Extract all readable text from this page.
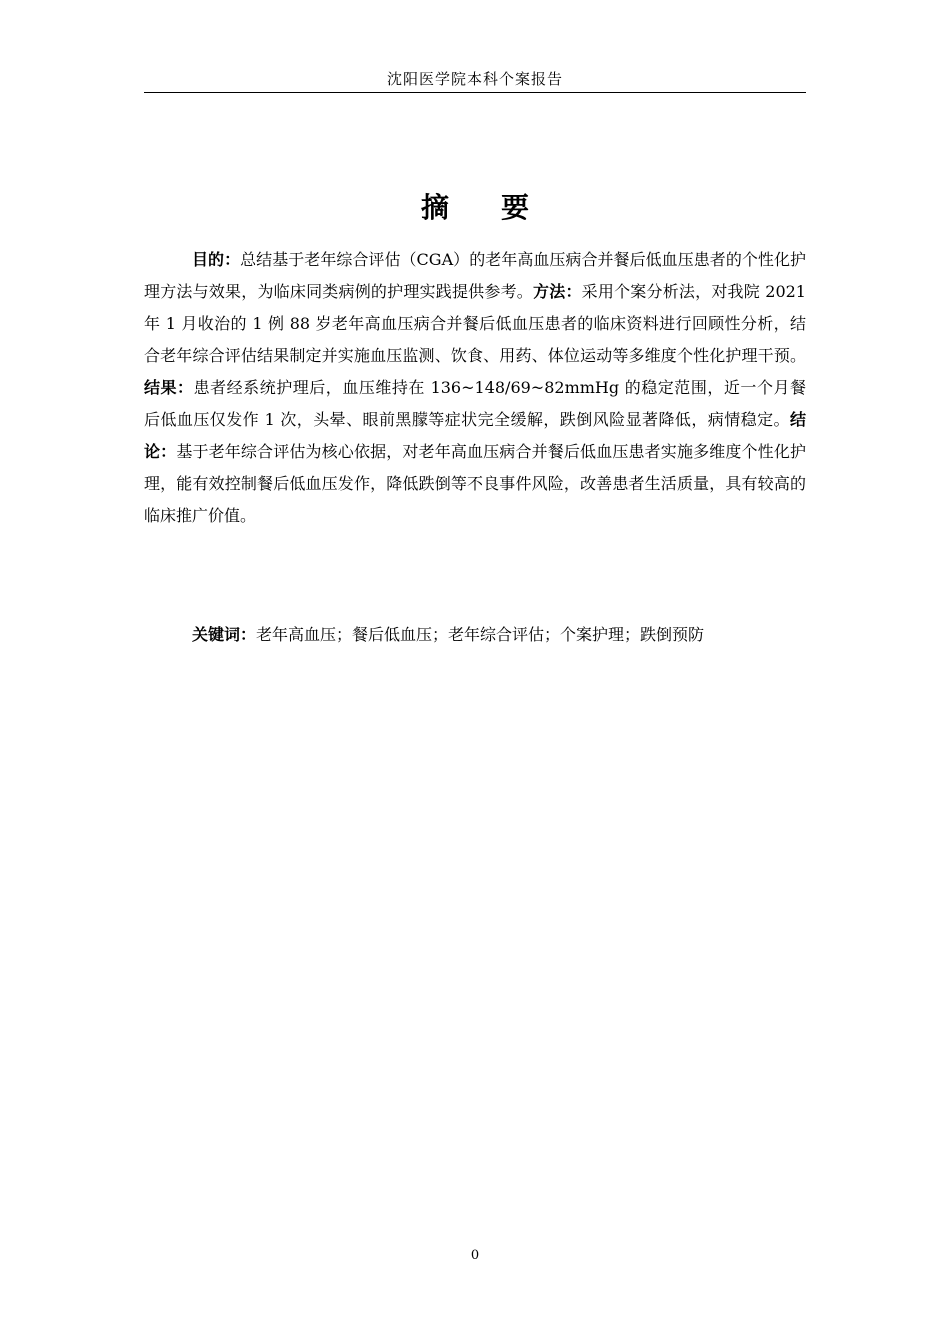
沈阳医学院本科个案报告
摘　要

目的：总结基于老年综合评估（CGA）的老年高血压病合并餐后低血压患者的个性化护理方法与效果，为临床同类病例的护理实践提供参考。方法：采用个案分析法，对我院 2021 年 1 月收治的 1 例 88 岁老年高血压病合并餐后低血压患者的临床资料进行回顾性分析，结合老年综合评估结果制定并实施血压监测、饮食、用药、体位运动等多维度个性化护理干预。结果：患者经系统护理后，血压维持在 136~148/69~82mmHg 的稳定范围，近一个月餐后低血压仅发作 1 次，头晕、眼前黑朦等症状完全缓解，跌倒风险显著降低，病情稳定。结论：基于老年综合评估为核心依据，对老年高血压病合并餐后低血压患者实施多维度个性化护理，能有效控制餐后低血压发作，降低跌倒等不良事件风险，改善患者生活质量，具有较高的临床推广价值。

关键词：老年高血压；餐后低血压；老年综合评估；个案护理；跌倒预防

0
